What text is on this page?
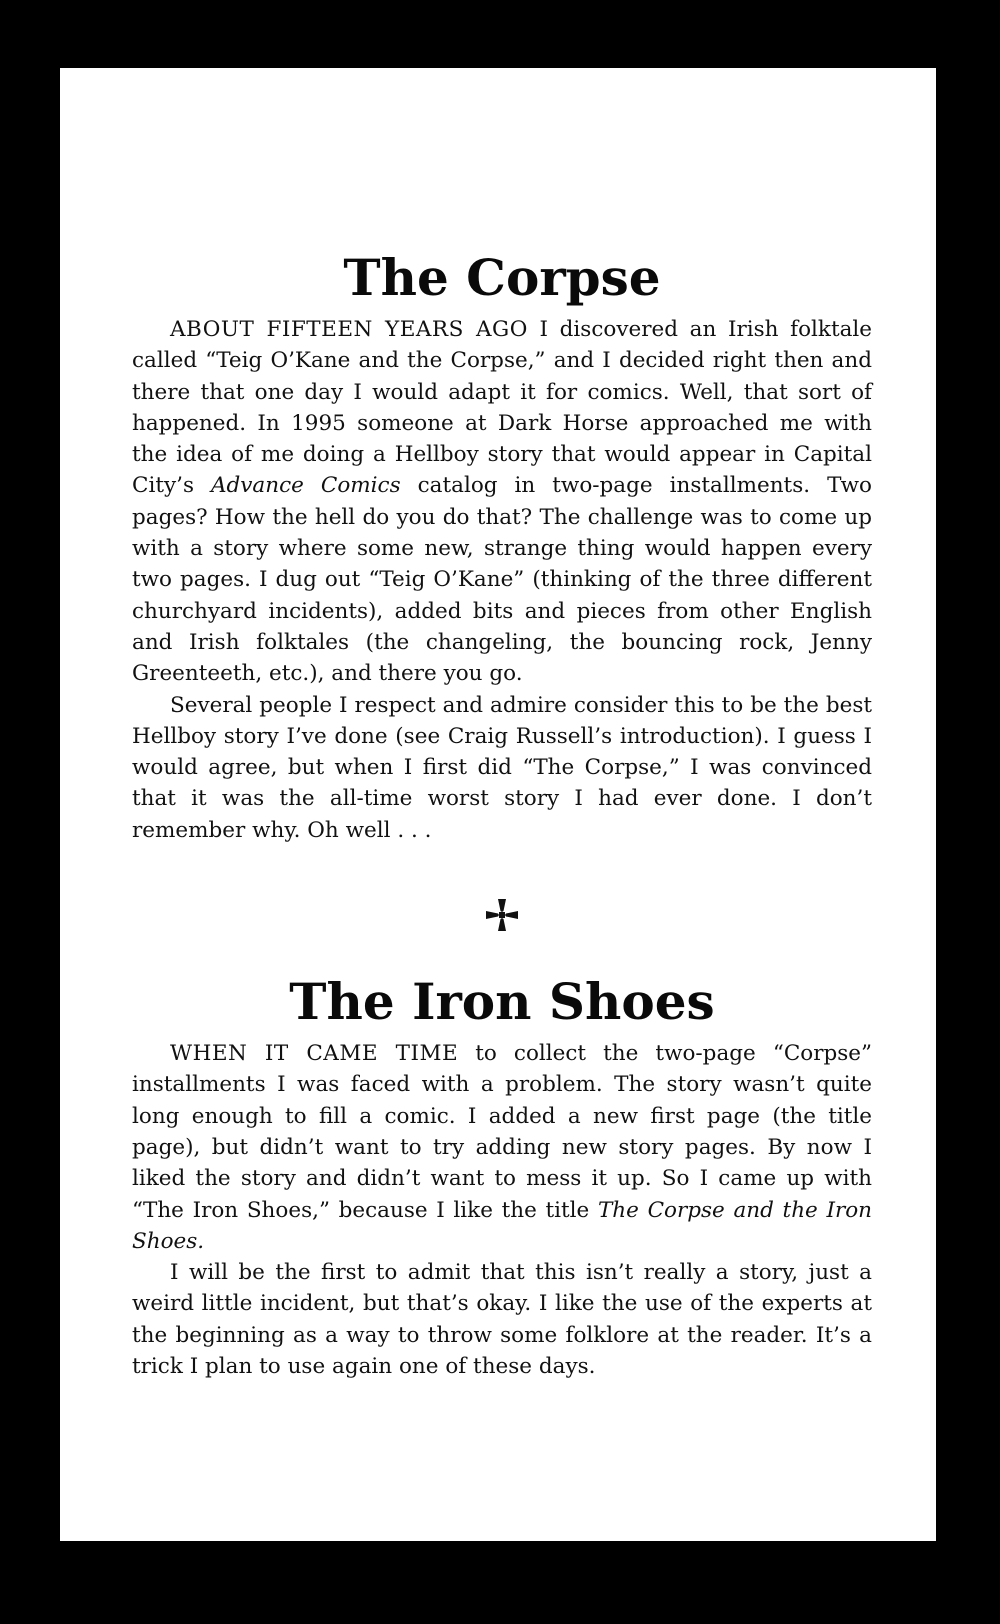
The Corpse

ABOUT FIFTEEN YEARS AGO I discovered an Irish folktale called “Teig O’Kane and the Corpse,” and I decided right then and there that one day I would adapt it for comics. Well, that sort of happened. In 1995 someone at Dark Horse approached me with the idea of me doing a Hellboy story that would appear in Capital City’s Advance Comics catalog in two-page installments. Two pages? How the hell do you do that? The challenge was to come up with a story where some new, strange thing would happen every two pages. I dug out “Teig O’Kane” (thinking of the three different churchyard incidents), added bits and pieces from other English and Irish folktales (the changeling, the bouncing rock, Jenny Greenteeth, etc.), and there you go.

Several people I respect and admire consider this to be the best Hellboy story I’ve done (see Craig Russell’s introduction). I guess I would agree, but when I first did “The Corpse,” I was convinced that it was the all-time worst story I had ever done. I don’t remember why. Oh well . . .

The Iron Shoes

WHEN IT CAME TIME to collect the two-page “Corpse” installments I was faced with a problem. The story wasn’t quite long enough to fill a comic. I added a new first page (the title page), but didn’t want to try adding new story pages. By now I liked the story and didn’t want to mess it up. So I came up with “The Iron Shoes,” because I like the title The Corpse and the Iron Shoes.

I will be the first to admit that this isn’t really a story, just a weird little incident, but that’s okay. I like the use of the experts at the beginning as a way to throw some folklore at the reader. It’s a trick I plan to use again one of these days.
